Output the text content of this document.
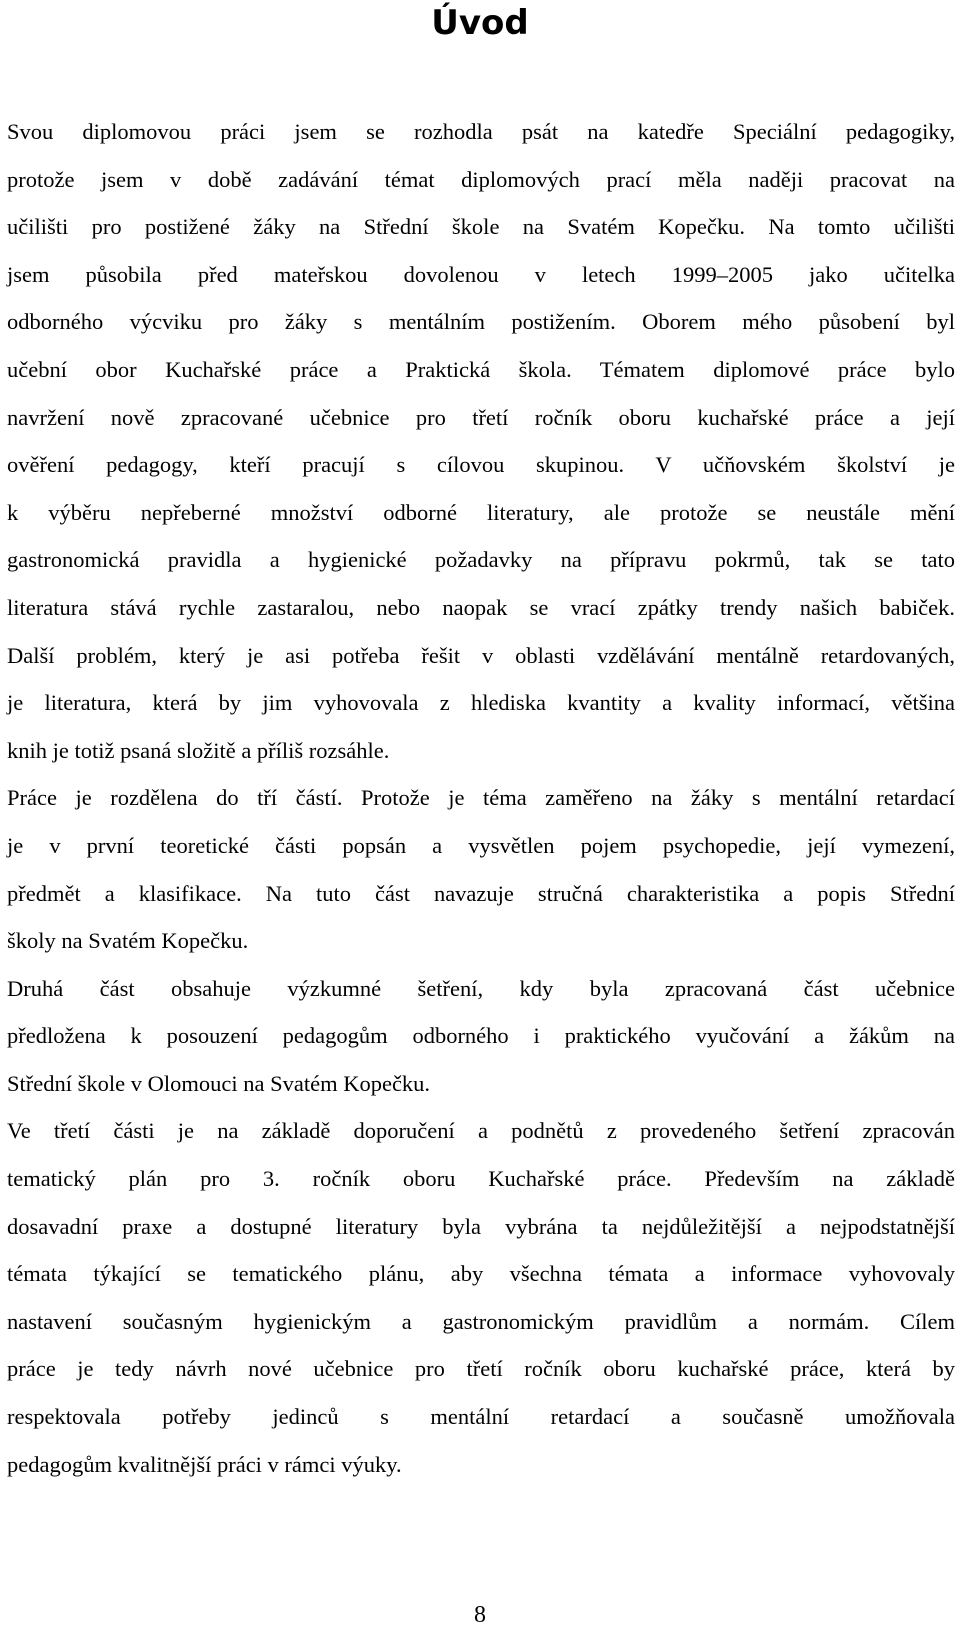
Úvod
Svou diplomovou práci jsem se rozhodla psát na katedře Speciální pedagogiky,
protože jsem v době zadávání témat diplomových prací měla naději pracovat na
učilišti pro postižené žáky na Střední škole na Svatém Kopečku. Na tomto učilišti
jsem působila před mateřskou dovolenou v letech 1999–2005 jako učitelka
odborného výcviku pro žáky s mentálním postižením. Oborem mého působení byl
učební obor Kuchařské práce a Praktická škola. Tématem diplomové práce bylo
navržení nově zpracované učebnice pro třetí ročník oboru kuchařské práce a její
ověření pedagogy, kteří pracují s cílovou skupinou. V učňovském školství je
k výběru nepřeberné množství odborné literatury, ale protože se neustále mění
gastronomická pravidla a hygienické požadavky na přípravu pokrmů, tak se tato
literatura stává rychle zastaralou, nebo naopak se vrací zpátky trendy našich babiček.
Další problém, který je asi potřeba řešit v oblasti vzdělávání mentálně retardovaných,
je literatura, která by jim vyhovovala z hlediska kvantity a kvality informací, většina
knih je totiž psaná složitě a příliš rozsáhle.
Práce je rozdělena do tří částí. Protože je téma zaměřeno na žáky s mentální retardací
je v první teoretické části popsán a vysvětlen pojem psychopedie, její vymezení,
předmět a klasifikace. Na tuto část navazuje stručná charakteristika a popis Střední
školy na Svatém Kopečku.
Druhá část obsahuje výzkumné šetření, kdy byla zpracovaná část učebnice
předložena k posouzení pedagogům odborného i praktického vyučování a žákům na
Střední škole v Olomouci na Svatém Kopečku.
Ve třetí části je na základě doporučení a podnětů z provedeného šetření zpracován
tematický plán pro 3. ročník oboru Kuchařské práce. Především na základě
dosavadní praxe a dostupné literatury byla vybrána ta nejdůležitější a nejpodstatnější
témata týkající se tematického plánu, aby všechna témata a informace vyhovovaly
nastavení současným hygienickým a gastronomickým pravidlům a normám. Cílem
práce je tedy návrh nové učebnice pro třetí ročník oboru kuchařské práce, která by
respektovala potřeby jedinců s mentální retardací a současně umožňovala
pedagogům kvalitnější práci v rámci výuky.
8
